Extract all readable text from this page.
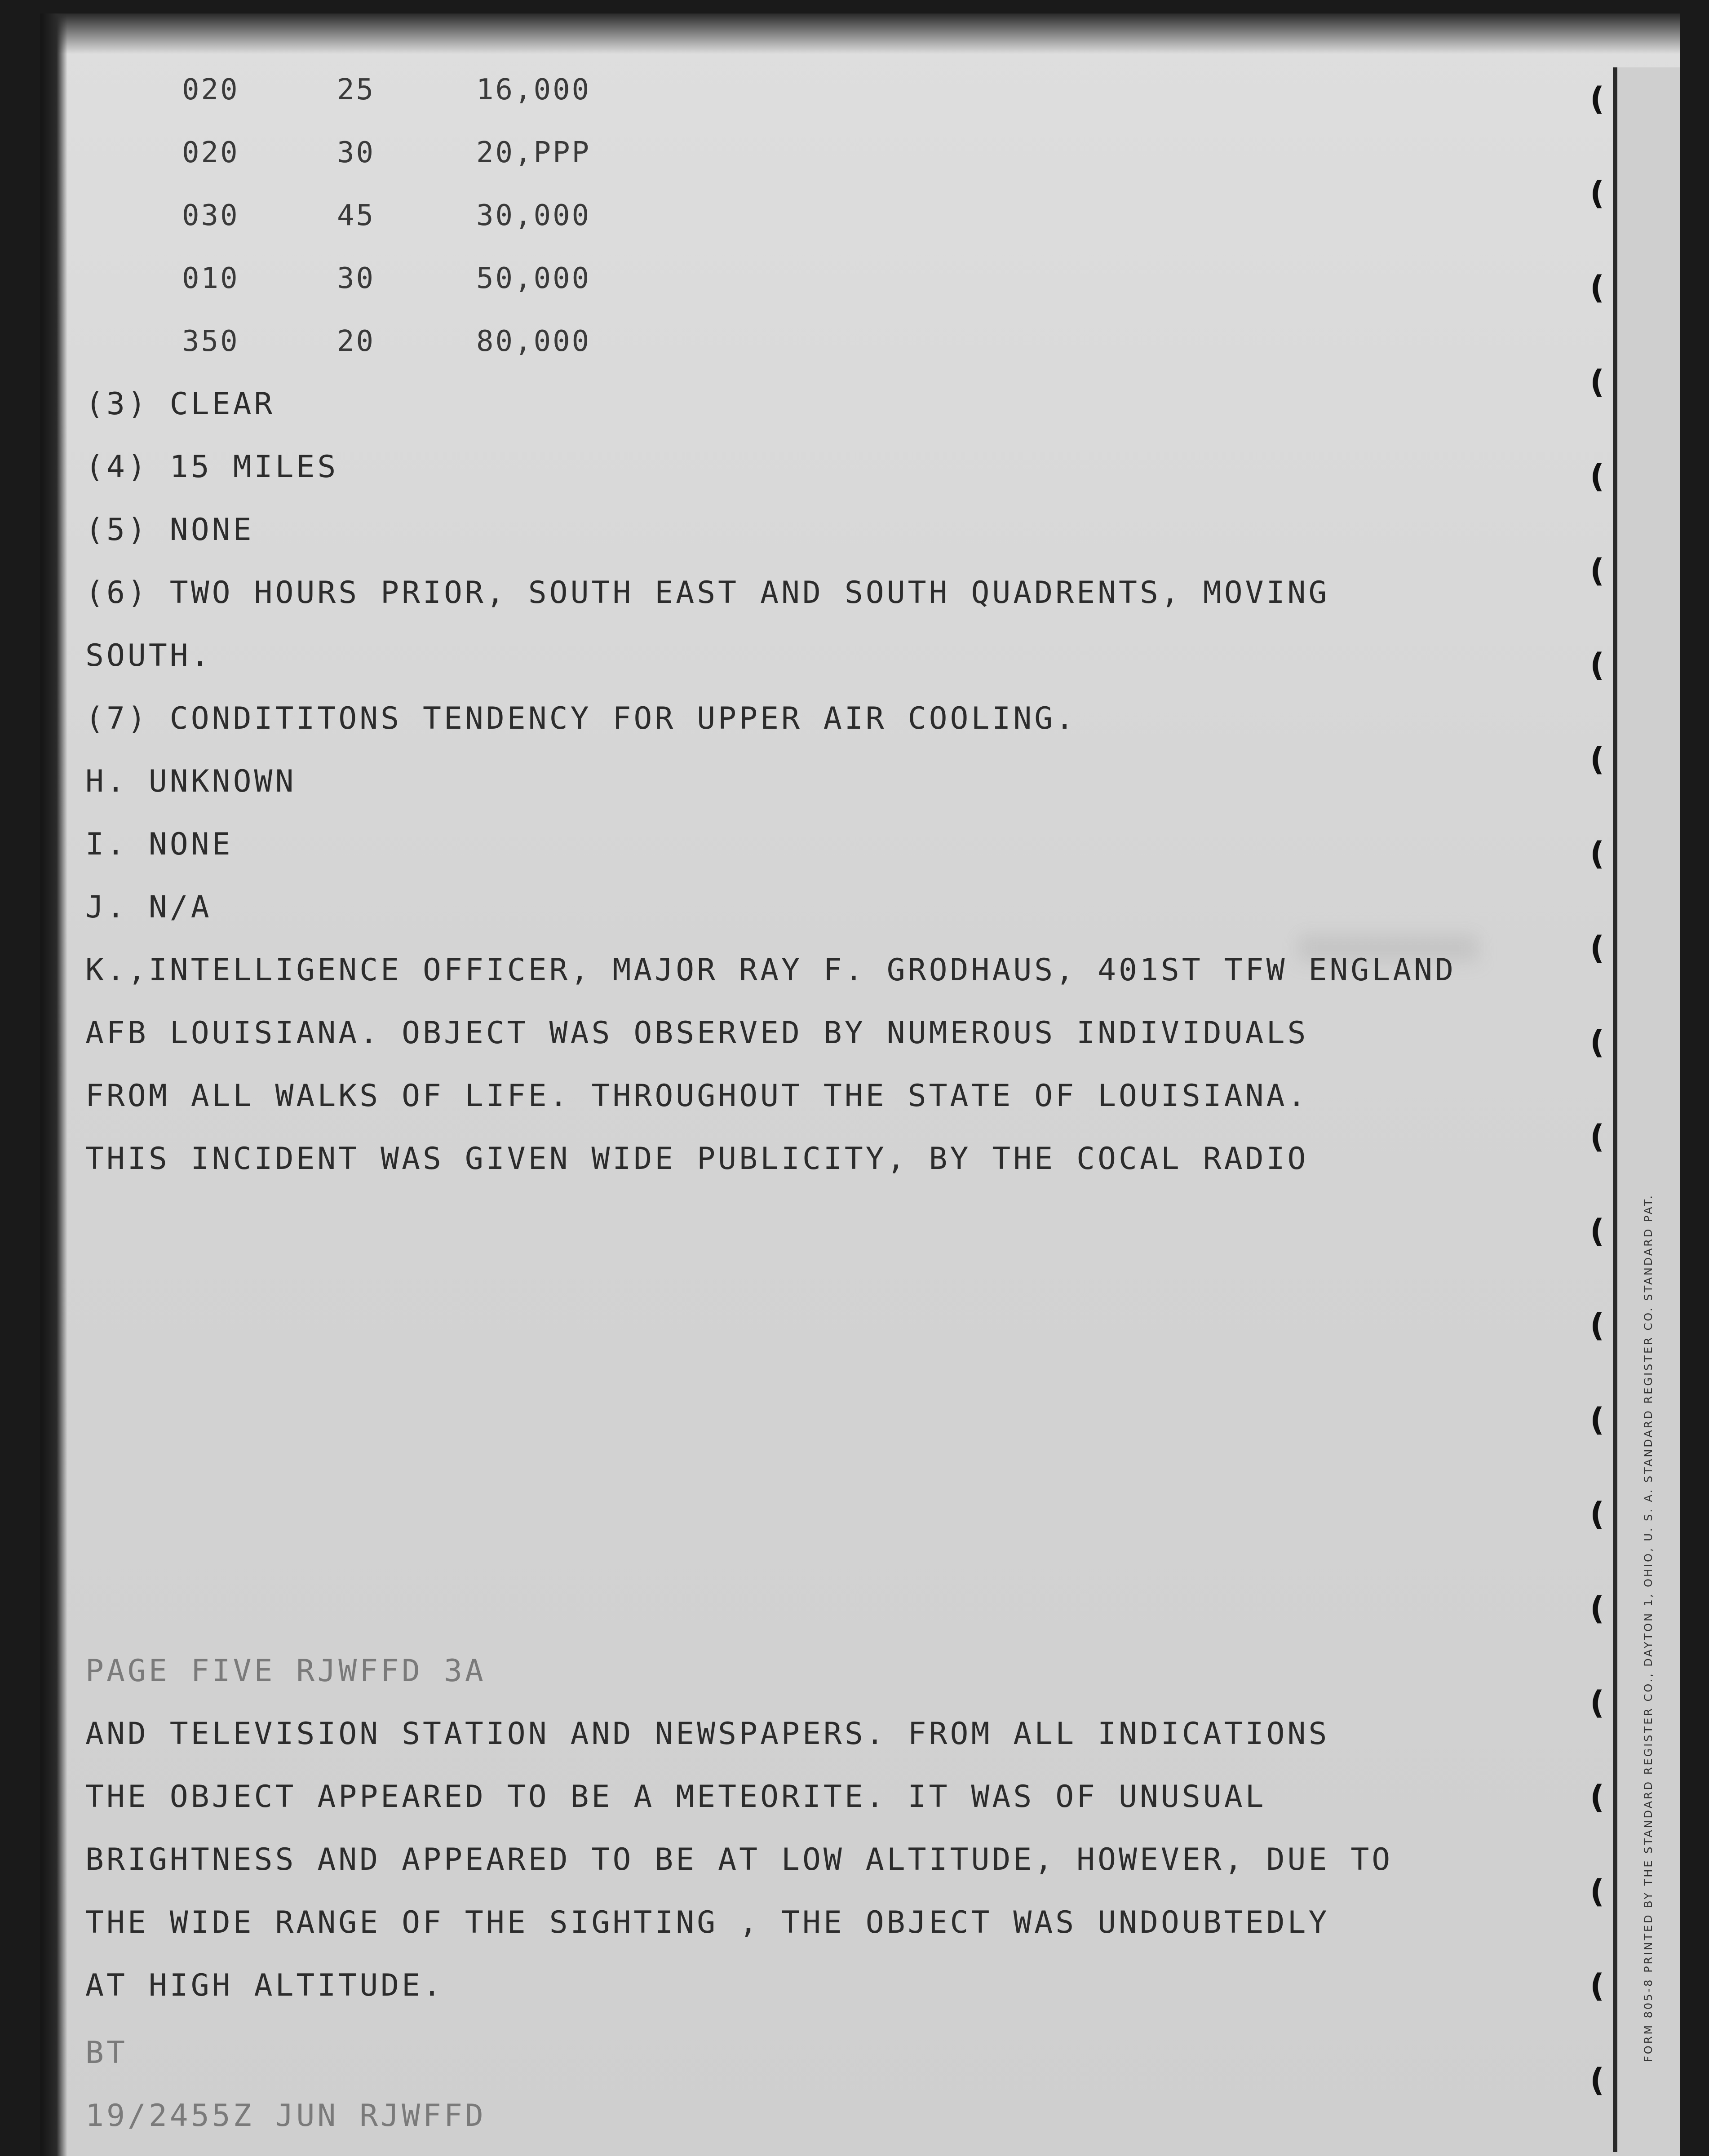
020	25	16,000
020	30	20,PPP
030	45	30,000
010	30	50,000
350	20	80,000
(3) CLEAR
(4) 15 MILES
(5) NONE
(6) TWO HOURS PRIOR, SOUTH EAST AND SOUTH QUADRENTS, MOVING
SOUTH.
(7) CONDITITONS TENDENCY FOR UPPER AIR COOLING.
H. UNKNOWN
I. NONE
J. N/A
K.,INTELLIGENCE OFFICER, MAJOR RAY F. GRODHAUS, 401ST TFW ENGLAND
AFB LOUISIANA. OBJECT WAS OBSERVED BY NUMEROUS INDIVIDUALS
FROM ALL WALKS OF LIFE. THROUGHOUT THE STATE OF LOUISIANA.
THIS INCIDENT WAS GIVEN WIDE PUBLICITY, BY THE COCAL RADIO
PAGE FIVE RJWFFD 3A
AND TELEVISION STATION AND NEWSPAPERS. FROM ALL INDICATIONS
THE OBJECT APPEARED TO BE A METEORITE. IT WAS OF UNUSUAL
BRIGHTNESS AND APPEARED TO BE AT LOW ALTITUDE, HOWEVER, DUE TO
THE WIDE RANGE OF THE SIGHTING , THE OBJECT WAS UNDOUBTEDLY
AT HIGH ALTITUDE.
BT
19/2455Z JUN RJWFFD
FORM 805-8 PRINTED BY THE STANDARD REGISTER CO., DAYTON 1, OHIO, U. S. A. STANDARD REGISTER CO. STANDARD PAT.
(
(
(
(
(
(
(
(
(
(
(
(
(
(
(
(
(
(
(
(
(
(
